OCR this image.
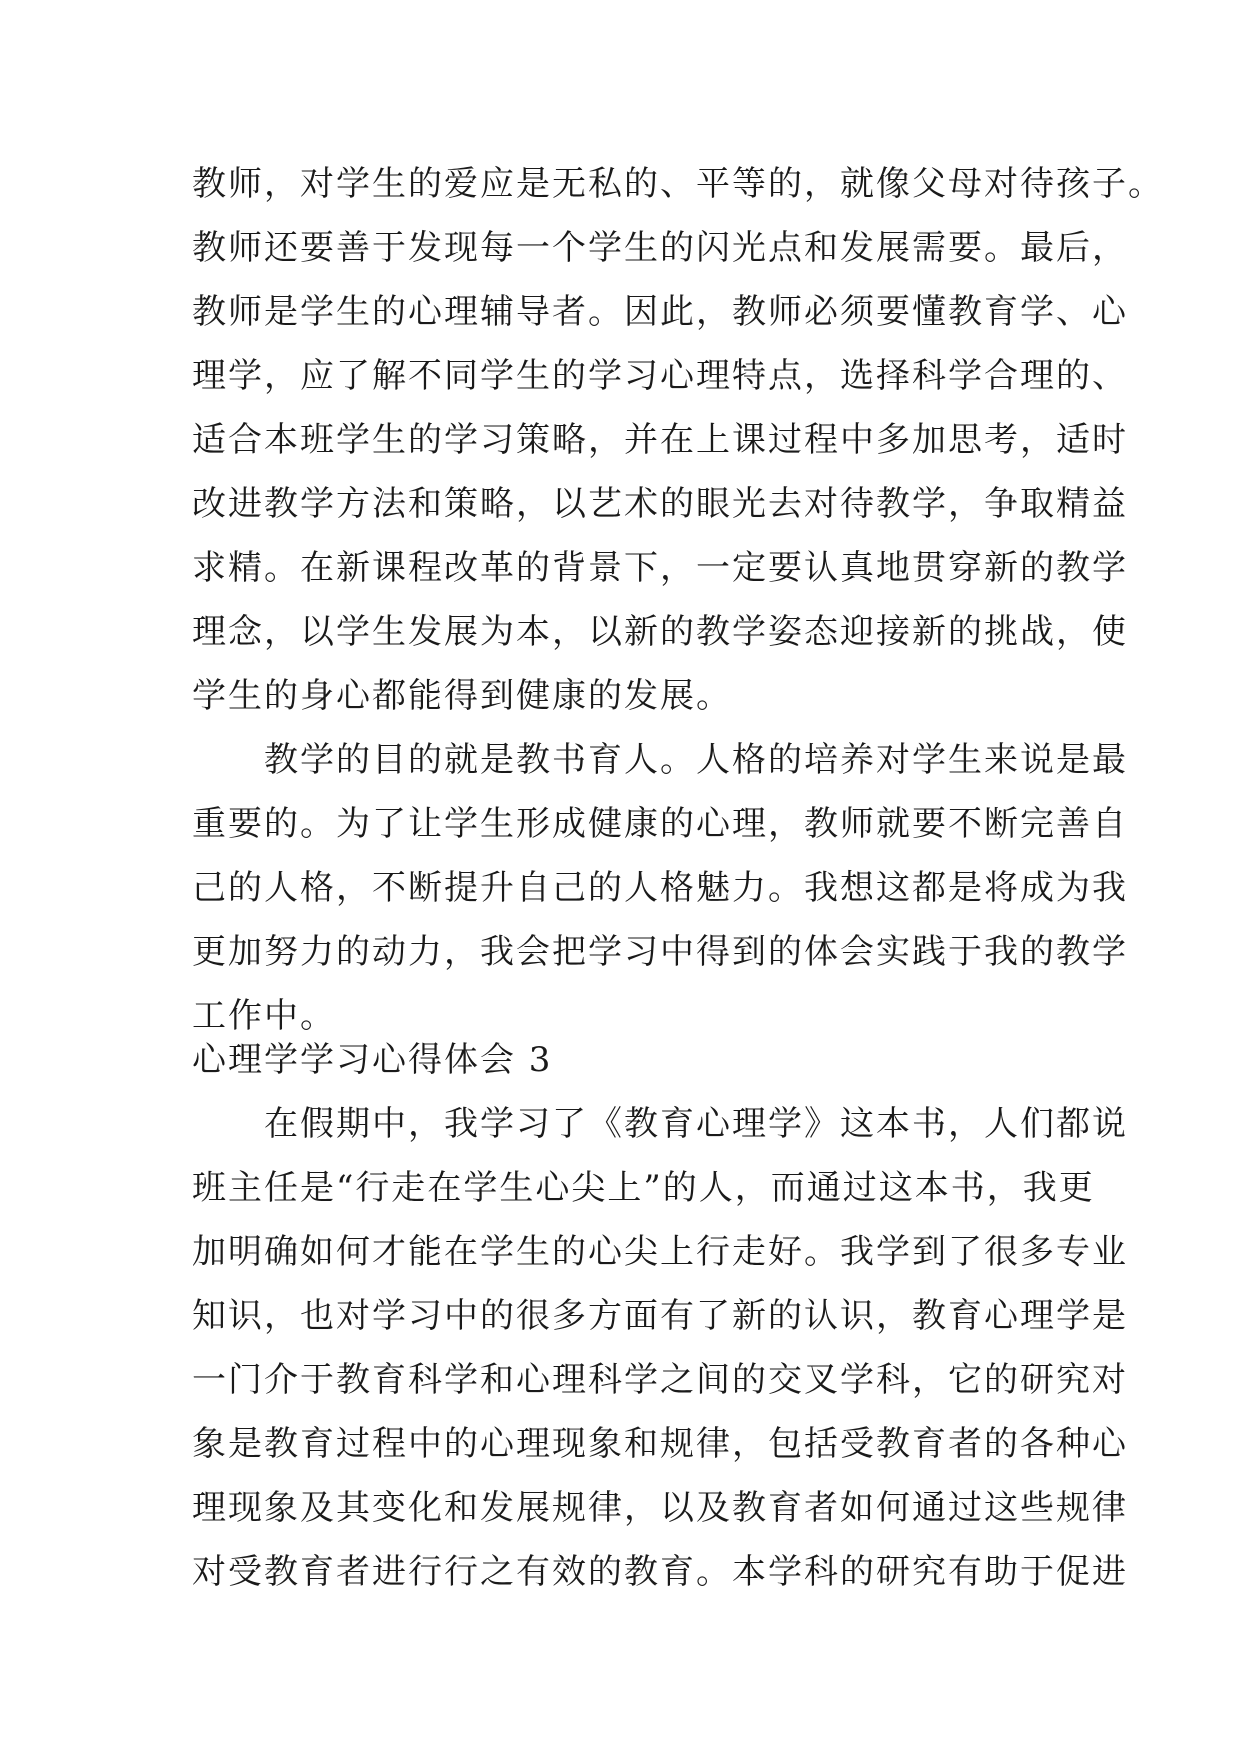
教师，对学生的爱应是无私的、平等的，就像父母对待孩子。
教师还要善于发现每一个学生的闪光点和发展需要。最后，
教师是学生的心理辅导者。因此，教师必须要懂教育学、心
理学，应了解不同学生的学习心理特点，选择科学合理的、
适合本班学生的学习策略，并在上课过程中多加思考，适时
改进教学方法和策略，以艺术的眼光去对待教学，争取精益
求精。在新课程改革的背景下，一定要认真地贯穿新的教学
理念，以学生发展为本，以新的教学姿态迎接新的挑战，使
学生的身心都能得到健康的发展。
　　教学的目的就是教书育人。人格的培养对学生来说是最
重要的。为了让学生形成健康的心理，教师就要不断完善自
己的人格，不断提升自己的人格魅力。我想这都是将成为我
更加努力的动力，我会把学习中得到的体会实践于我的教学
工作中。
心理学学习心得体会 3
　　在假期中，我学习了《教育心理学》这本书，人们都说
班主任是“行走在学生心尖上”的人，而通过这本书，我更
加明确如何才能在学生的心尖上行走好。我学到了很多专业
知识，也对学习中的很多方面有了新的认识，教育心理学是
一门介于教育科学和心理科学之间的交叉学科，它的研究对
象是教育过程中的心理现象和规律，包括受教育者的各种心
理现象及其变化和发展规律，以及教育者如何通过这些规律
对受教育者进行行之有效的教育。本学科的研究有助于促进
